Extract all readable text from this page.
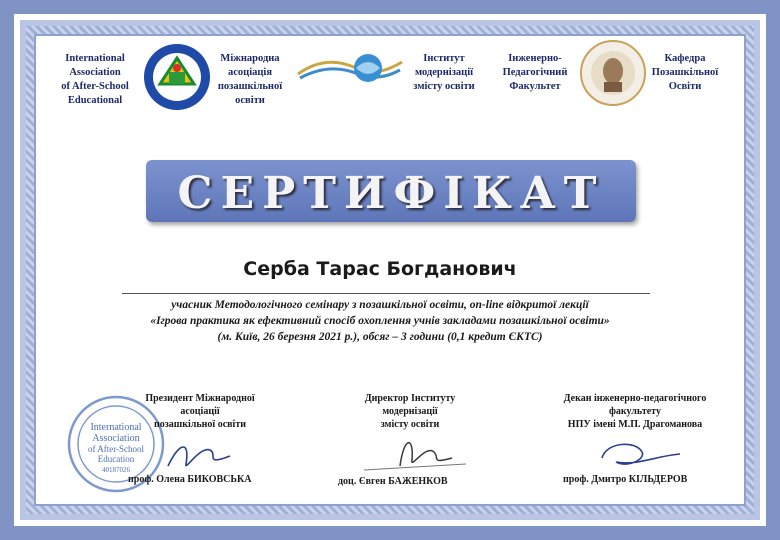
International
Association
of After-School
Educational
Міжнародна
асоціація
позашкільної
освіти
Інститут
модернізації
змісту освіти
Інженерно-
Педагогічний
Факультет
Кафедра
Позашкільної
Освіти
СЕРТИФІКАТ
Серба Тарас Богданович
учасник Методологічного семінару з позашкільної освіти, on-line відкритої лекції
«Ігрова практика як ефективний спосіб охоплення учнів закладами позашкільної освіти»
(м. Київ, 26 березня 2021 р.), обсяг – 3 години (0,1 кредит ЄКТС)
International
Association
of After-School
Education
40187026
Президент Міжнародної
асоціації
позашкільної освіти
проф. Олена БИКОВСЬКА
Директор Інституту
модернізації
змісту освіти
доц. Євген БАЖЕНКОВ
Декан інженерно-педагогічного
факультету
НПУ імені М.П. Драгоманова
проф. Дмитро КІЛЬДЕРОВ
